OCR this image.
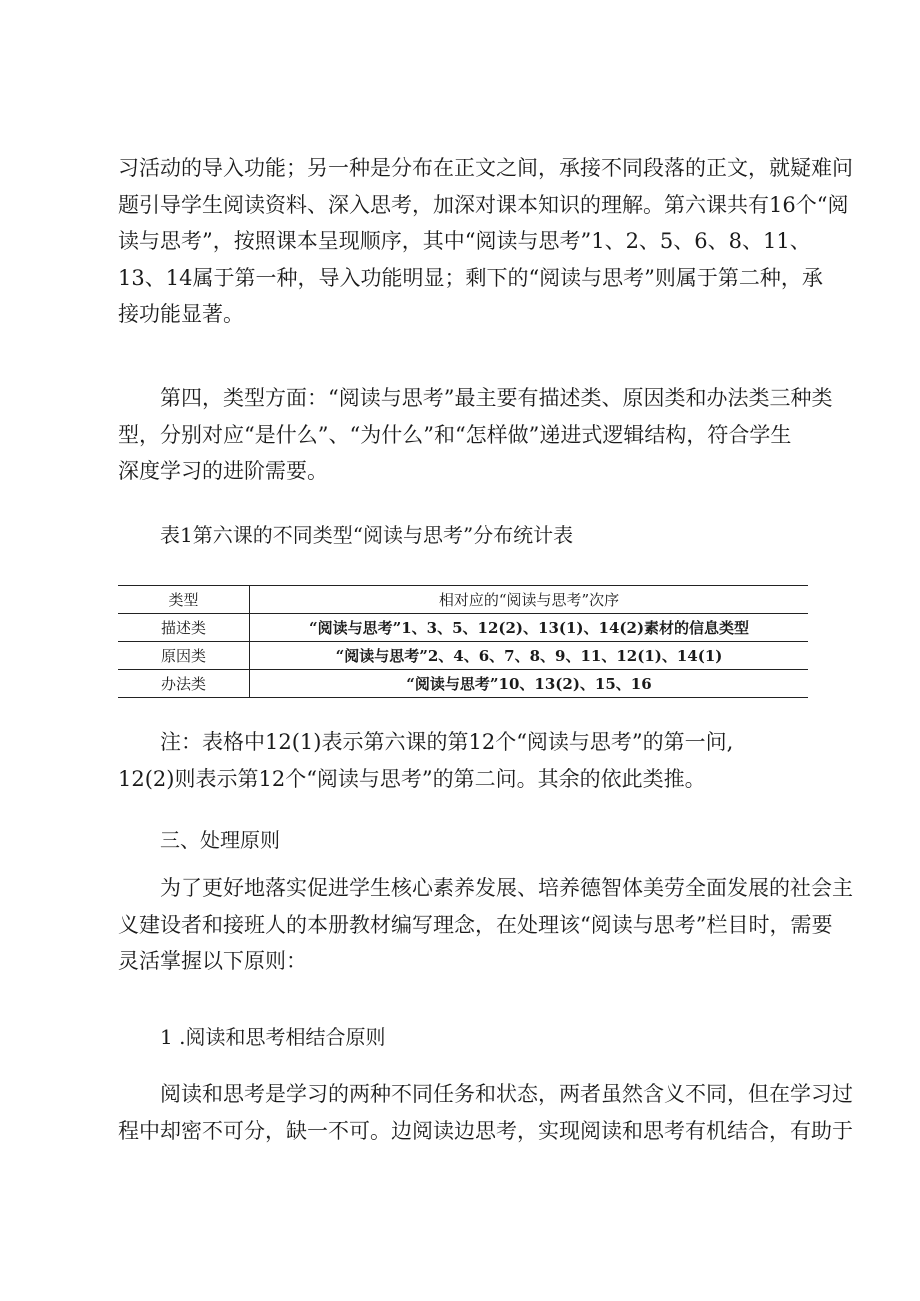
习活动的导入功能；另一种是分布在正文之间，承接不同段落的正文，就疑难问
题引导学生阅读资料、深入思考，加深对课本知识的理解。第六课共有16个“阅
读与思考”，按照课本呈现顺序，其中“阅读与思考”1、2、5、6、8、11、
13、14属于第一种，导入功能明显；剩下的“阅读与思考”则属于第二种，承
接功能显著。
第四，类型方面：“阅读与思考”最主要有描述类、原因类和办法类三种类
型，分别对应“是什么”、“为什么”和“怎样做”递进式逻辑结构，符合学生
深度学习的进阶需要。
表1第六课的不同类型“阅读与思考”分布统计表
类型	相对应的“阅读与思考”次序
描述类	“阅读与思考”1、3、5、12(2)、13(1)、14(2)素材的信息类型
原因类	“阅读与思考”2、4、6、7、8、9、11、12(1)、14(1)
办法类	“阅读与思考”10、13(2)、15、16
注：表格中12(1)表示第六课的第12个“阅读与思考”的第一问,
12(2)则表示第12个“阅读与思考”的第二问。其余的依此类推。
三、处理原则
为了更好地落实促进学生核心素养发展、培养德智体美劳全面发展的社会主
义建设者和接班人的本册教材编写理念，在处理该“阅读与思考”栏目时，需要
灵活掌握以下原则：
1 .阅读和思考相结合原则
阅读和思考是学习的两种不同任务和状态，两者虽然含义不同，但在学习过
程中却密不可分，缺一不可。边阅读边思考，实现阅读和思考有机结合，有助于
